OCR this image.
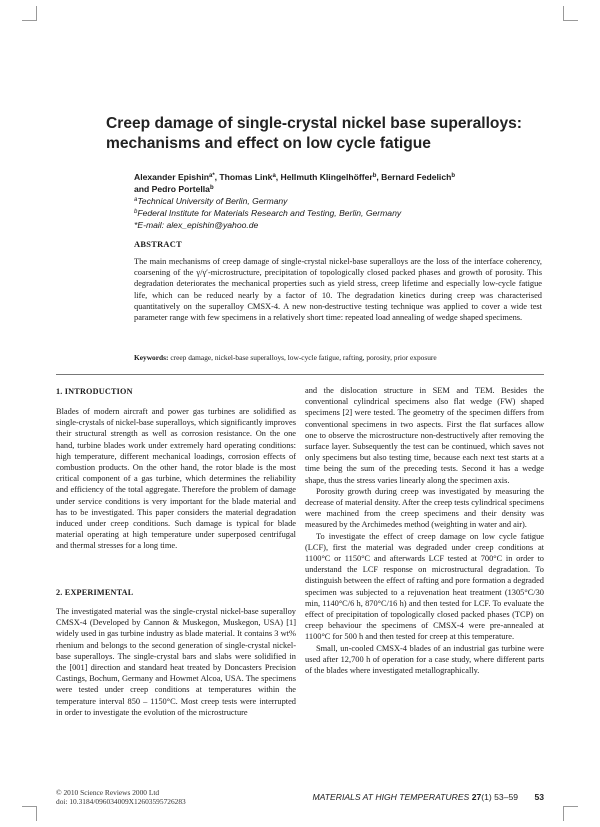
Creep damage of single-crystal nickel base superalloys: mechanisms and effect on low cycle fatigue
Alexander Epishin$^{a*}$, Thomas Link$^a$, Hellmuth Klingelhöffer$^b$, Bernard Fedelich$^b$
and Pedro Portella$^b$
$^a$Technical University of Berlin, Germany
$^b$Federal Institute for Materials Research and Testing, Berlin, Germany
*E-mail: alex_epishin@yahoo.de
ABSTRACT
The main mechanisms of creep damage of single-crystal nickel-base superalloys are the loss of the interface coherency, coarsening of the γ/γ′-microstructure, precipitation of topologically closed packed phases and growth of porosity. This degradation deteriorates the mechanical properties such as yield stress, creep lifetime and especially low-cycle fatigue life, which can be reduced nearly by a factor of 10. The degradation kinetics during creep was characterised quantitatively on the superalloy CMSX-4. A new non-destructive testing technique was applied to cover a wide test parameter range with few specimens in a relatively short time: repeated load annealing of wedge shaped specimens.
Keywords: creep damage, nickel-base superalloys, low-cycle fatigue, rafting, porosity, prior exposure
1. INTRODUCTION

Blades of modern aircraft and power gas turbines are solidified as single-crystals of nickel-base superalloys, which significantly improves their structural strength as well as corrosion resistance. On the one hand, turbine blades work under extremely hard operating conditions: high temperature, different mechanical loadings, corrosion effects of combustion products. On the other hand, the rotor blade is the most critical component of a gas turbine, which determines the reliability and efficiency of the total aggregate. Therefore the problem of damage under service conditions is very important for the blade material and has to be investigated. This paper considers the material degradation induced under creep conditions. Such damage is typical for blade material operating at high temperature under superposed centrifugal and thermal stresses for a long time.

2. EXPERIMENTAL

The investigated material was the single-crystal nickel-base superalloy CMSX-4 (Developed by Cannon & Muskegon, Muskegon, USA) [1] widely used in gas turbine industry as blade material. It contains 3 wt% rhenium and belongs to the second generation of single-crystal nickel-base superalloys. The single-crystal bars and slabs were solidified in the [001] direction and standard heat treated by Doncasters Precision Castings, Bochum, Germany and Howmet Alcoa, USA. The specimens were tested under creep conditions at temperatures within the temperature interval 850 – 1150°C. Most creep tests were interrupted in order to investigate the evolution of the microstructure

and the dislocation structure in SEM and TEM. Besides the conventional cylindrical specimens also flat wedge (FW) shaped specimens [2] were tested. The geometry of the specimen differs from conventional specimens in two aspects. First the flat surfaces allow one to observe the microstructure non-destructively after removing the surface layer. Subsequently the test can be continued, which saves not only specimens but also testing time, because each next test starts at a time being the sum of the preceding tests. Second it has a wedge shape, thus the stress varies linearly along the specimen axis.

Porosity growth during creep was investigated by measuring the decrease of material density. After the creep tests cylindrical specimens were machined from the creep specimens and their density was measured by the Archimedes method (weighting in water and air).

To investigate the effect of creep damage on low cycle fatigue (LCF), first the material was degraded under creep conditions at 1100°C or 1150°C and afterwards LCF tested at 700°C in order to understand the LCF response on microstructural degradation. To distinguish between the effect of rafting and pore formation a degraded specimen was subjected to a rejuvenation heat treatment (1305°C/30 min, 1140°C/6 h, 870°C/16 h) and then tested for LCF. To evaluate the effect of precipitation of topologically closed packed phases (TCP) on creep behaviour the specimens of CMSX-4 were pre-annealed at 1100°C for 500 h and then tested for creep at this temperature.

Small, un-cooled CMSX-4 blades of an industrial gas turbine were used after 12,700 h of operation for a case study, where different parts of the blades where investigated metallographically.

© 2010 Science Reviews 2000 Ltd
doi: 10.3184/096034009X12603595726283	MATERIALS AT HIGH TEMPERATURES 27(1) 53–59 53
